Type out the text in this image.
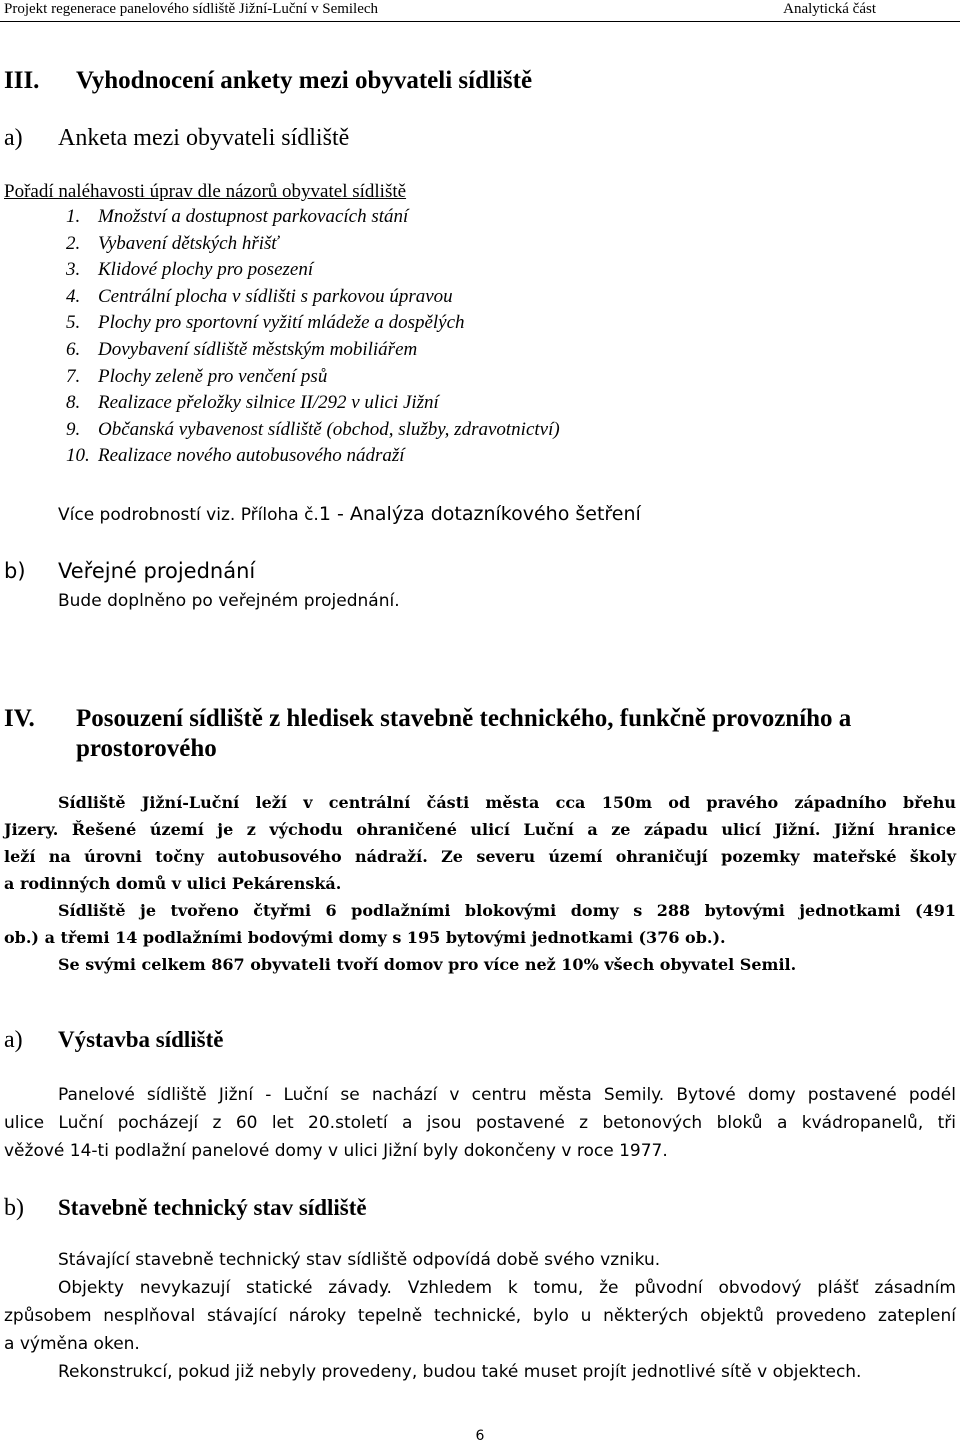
Projekt regenerace panelového sídliště Jižní-Luční v Semilech	Analytická část
III. Vyhodnocení ankety mezi obyvateli sídliště
a) Anketa mezi obyvateli sídliště
Pořadí naléhavosti úprav dle názorů obyvatel sídliště
1. Množství a dostupnost parkovacích stání
2. Vybavení dětských hřišť
3. Klidové plochy pro posezení
4. Centrální plocha v sídlišti s parkovou úpravou
5. Plochy pro sportovní vyžití mládeže a dospělých
6. Dovybavení sídliště městským mobiliářem
7. Plochy zeleně pro venčení psů
8. Realizace přeložky silnice II/292 v ulici Jižní
9. Občanská vybavenost sídliště (obchod, služby, zdravotnictví)
10. Realizace nového autobusového nádraží
Více podrobností viz. Příloha č.1 - Analýza dotazníkového šetření
b) Veřejné projednání
Bude doplněno po veřejném projednání.
IV. Posouzení sídliště z hledisek stavebně technického, funkčně provozního a
prostorového
Sídliště Jižní-Luční leží v centrální části města cca 150m od pravého západního břehu
Jizery. Řešené území je z východu ohraničené ulicí Luční a ze západu ulicí Jižní. Jižní hranice
leží na úrovni točny autobusového nádraží. Ze severu území ohraničují pozemky mateřské školy
a rodinných domů v ulici Pekárenská.
Sídliště je tvořeno čtyřmi 6 podlažními blokovými domy s 288 bytovými jednotkami (491
ob.) a třemi 14 podlažními bodovými domy s 195 bytovými jednotkami (376 ob.).
Se svými celkem 867 obyvateli tvoří domov pro více než 10% všech obyvatel Semil.
a) Výstavba sídliště
Panelové sídliště Jižní - Luční se nachází v centru města Semily. Bytové domy postavené podél
ulice Luční pocházejí z 60 let 20.století a jsou postavené z betonových bloků a kvádropanelů, tři
věžové 14-ti podlažní panelové domy v ulici Jižní byly dokončeny v roce 1977.
b) Stavebně technický stav sídliště
Stávající stavebně technický stav sídliště odpovídá době svého vzniku.
Objekty nevykazují statické závady. Vzhledem k tomu, že původní obvodový plášť zásadním
způsobem nesplňoval stávající nároky tepelně technické, bylo u některých objektů provedeno zateplení
a výměna oken.
Rekonstrukcí, pokud již nebyly provedeny, budou také muset projít jednotlivé sítě v objektech.
6
